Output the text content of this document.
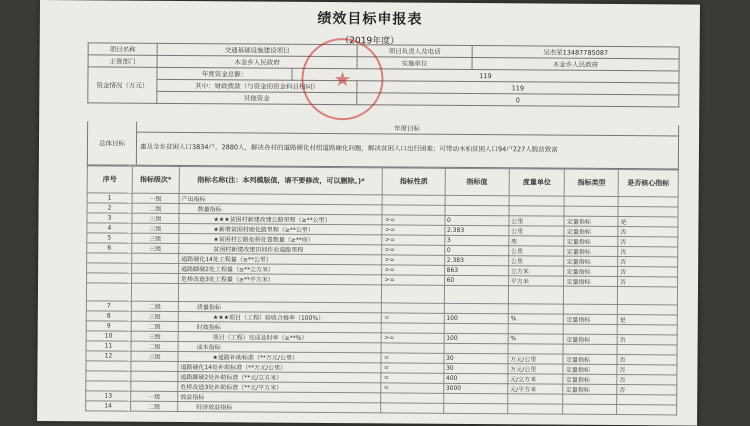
绩效目标申报表
（2019年度）
项目名称	交通基础设施建设项目		项目负责人及电话	吴杰荣13487785087
主管部门	木金乡人民政府		实施单位	木金乡人民政府
资金情况（万元）	年度资金总额：	119		
	其中：财政拨款（与资金的资金科目相同）		119	
	其他资金		0	
总体目标
年度目标
惠及全乡贫困人口3834户，2880人，解决各村的道路硬化村组道路硬化问题，解决贫困人口出行困难；可带动木柏贫困人口94户227人脱贫致富
序号	指标级次*	指标名称(注：本列模版值，请不要修改，可以删除。)*	指标性质	指标值	度量单位	指标类型	是否核心指标
1	一级	产出指标					
2	二级	数量指标					
3	三级	★★★贫困村新建改建公路里程（≥**公里）	>=	0	公里	定量指标	是
4	三级	★新增贫困村硬化路里程（≥**公里）	>=	2.383	公里	定量指标	否
5	三级	★贫困村公路危桥处置数量（≥**座）	>=	3	座	定量指标	否
6	三级	贫困村新建改建田间作业道路里程	>=	0	公里	定量指标	否
		道路硬化14处工程量（≥**公里）	>=	2.383	公里	定量指标	否
		道路脚硬2处工程量（≥**立方米）	>=	863	立方米	定量指标	否
		危桥改造3处工程量（≥**平方米）	>=	60	平方米	定量指标	否

7	二级	质量指标					
8	三级	★★★项目（工程）验收合格率（100%）	=	100	%	定量指标	是
9	二级	时效指标					
10	三级	项目（工程）完成及时率（≥**%）	>=	100	%	定量指标	否
11	二级	成本指标					
12	三级	★道路补助标准（**万元/公里）	=	30	万元/公里	定量指标	否
		道路硬化14处补助标准（**万元/公里）	=	30	万元/公里	定量指标	否
		道路脚硬2处补助标准（**元/立方米）	=	400	元/立方米	定量指标	否
		危桥改造3处补助标准（**元/平方米）	=	3000	元/平方米	定量指标	否
13	一级	效益指标					
14	二级	经济效益指标					
★
